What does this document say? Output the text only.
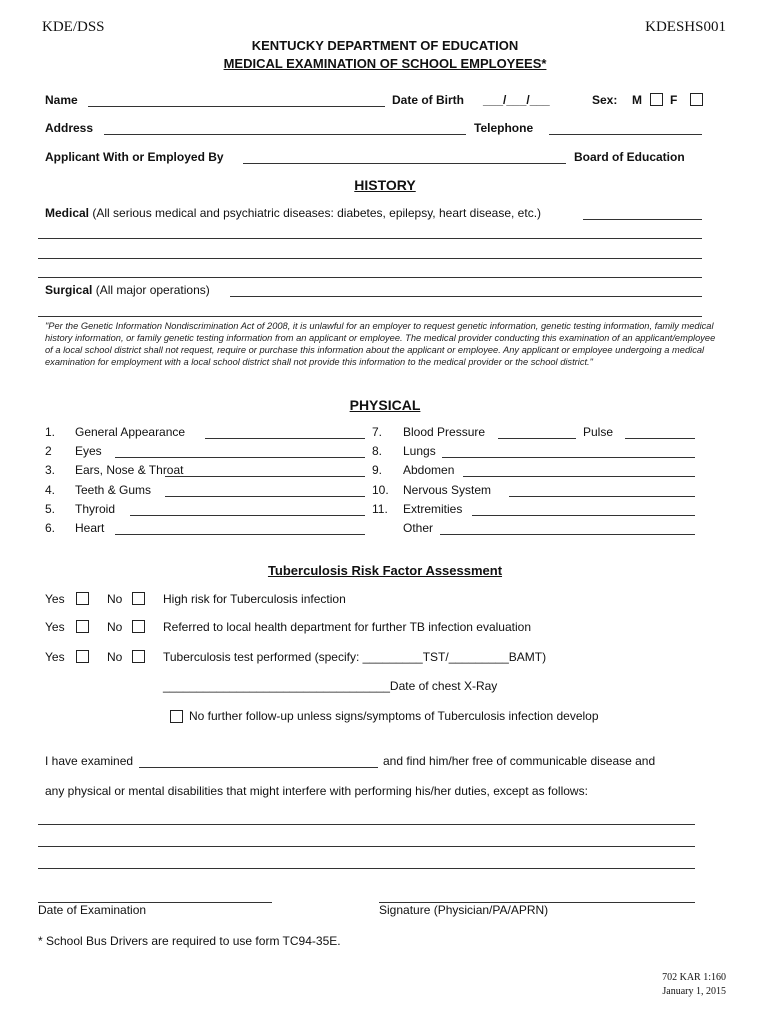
KDE/DSS	KDESHS001
KENTUCKY DEPARTMENT OF EDUCATION
MEDICAL EXAMINATION OF SCHOOL EMPLOYEES*
Name	Date of Birth ___/___/___	Sex: M F
Address	Telephone
Applicant With or Employed By	Board of Education
HISTORY
Medical (All serious medical and psychiatric diseases: diabetes, epilepsy, heart disease, etc.)
Surgical (All major operations)
"Per the Genetic Information Nondiscrimination Act of 2008, it is unlawful for an employer to request genetic information, genetic testing information, family medical history information, or family genetic testing information from an applicant or employee. The medical provider conducting this examination of an applicant/employee of a local school district shall not request, require or purchase this information about the applicant or employee. Any applicant or employee undergoing a medical examination for employment with a local school district shall not provide this information to the medical provider or the school district."
PHYSICAL
1. General Appearance	7. Blood Pressure	Pulse
2 Eyes	8. Lungs
3. Ears, Nose & Throat	9. Abdomen
4. Teeth & Gums	10. Nervous System
5. Thyroid	11. Extremities
6. Heart	Other
Tuberculosis Risk Factor Assessment
Yes	No	High risk for Tuberculosis infection
Yes	No	Referred to local health department for further TB infection evaluation
Yes	No	Tuberculosis test performed (specify: _________TST/_________BAMT)
__________________________________Date of chest X-Ray
No further follow-up unless signs/symptoms of Tuberculosis infection develop
I have examined	and find him/her free of communicable disease and
any physical or mental disabilities that might interfere with performing his/her duties, except as follows:
Date of Examination	Signature (Physician/PA/APRN)
* School Bus Drivers are required to use form TC94-35E.
702 KAR 1:160
January 1, 2015
